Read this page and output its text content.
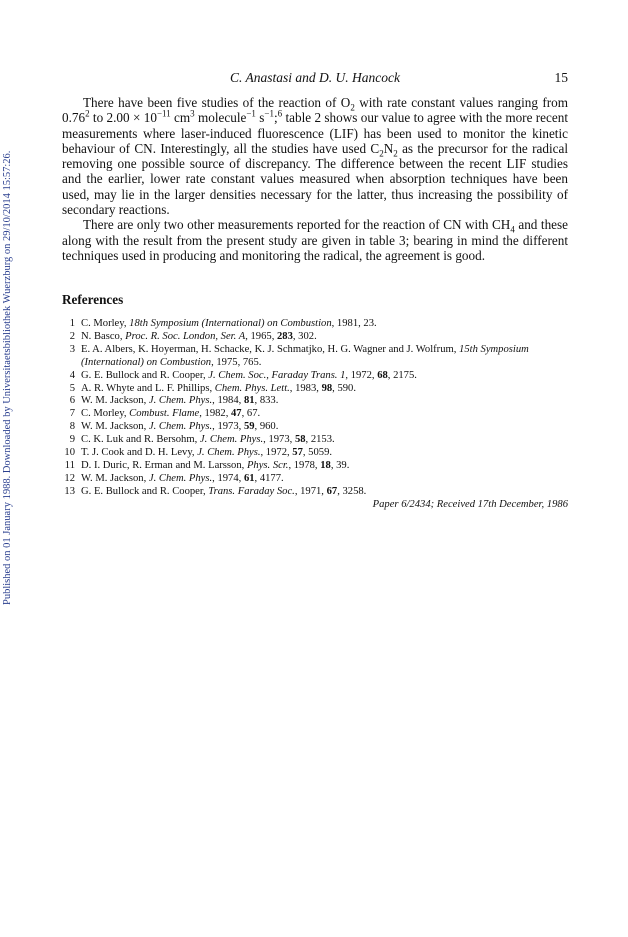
Published on 01 January 1988. Downloaded by Universitaetsbibliothek Wuerzburg on 29/10/2014 15:57:26.
C. Anastasi and D. U. Hancock	15

There have been five studies of the reaction of $O_2$ with rate constant values ranging from 0.76$^2$ to $2.00 \times 10^{-11}$ $cm^3$ molecule$^{-1}$ $s^{-1};^6$ table 2 shows our value to agree with the more recent measurements where laser-induced fluorescence (LIF) has been used to monitor the kinetic behaviour of CN. Interestingly, all the studies have used $C_2N_2$ as the precursor for the radical removing one possible source of discrepancy. The difference between the recent LIF studies and the earlier, lower rate constant values measured when absorption techniques have been used, may lie in the larger densities necessary for the latter, thus increasing the possibility of secondary reactions.

There are only two other measurements reported for the reaction of CN with $CH_4$ and these along with the result from the present study are given in table 3; bearing in mind the different techniques used in producing and monitoring the radical, the agreement is good.

References
1 C. Morley, 18th Symposium (International) on Combustion, 1981, 23.
2 N. Basco, Proc. R. Soc. London, Ser. A, 1965, 283, 302.
3 E. A. Albers, K. Hoyerman, H. Schacke, K. J. Schmatjko, H. G. Wagner and J. Wolfrum, 15th Symposium (International) on Combustion, 1975, 765.
4 G. E. Bullock and R. Cooper, J. Chem. Soc., Faraday Trans. 1, 1972, 68, 2175.
5 A. R. Whyte and L. F. Phillips, Chem. Phys. Lett., 1983, 98, 590.
6 W. M. Jackson, J. Chem. Phys., 1984, 81, 833.
7 C. Morley, Combust. Flame, 1982, 47, 67.
8 W. M. Jackson, J. Chem. Phys., 1973, 59, 960.
9 C. K. Luk and R. Bersohm, J. Chem. Phys., 1973, 58, 2153.
10 T. J. Cook and D. H. Levy, J. Chem. Phys., 1972, 57, 5059.
11 D. I. Duric, R. Erman and M. Larsson, Phys. Scr., 1978, 18, 39.
12 W. M. Jackson, J. Chem. Phys., 1974, 61, 4177.
13 G. E. Bullock and R. Cooper, Trans. Faraday Soc., 1971, 67, 3258.
Paper 6/2434; Received 17th December, 1986
